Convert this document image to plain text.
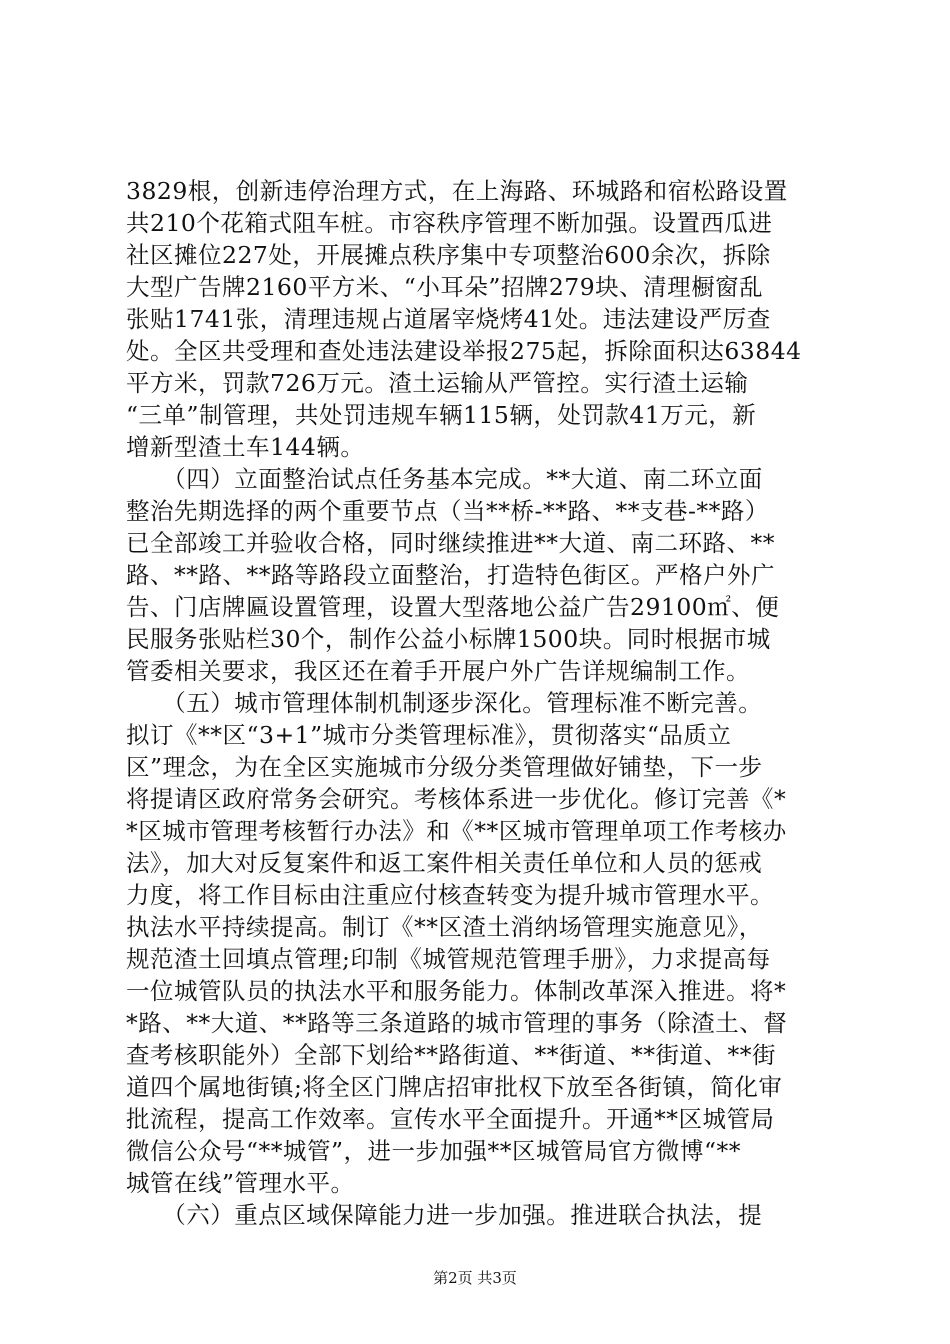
3829根，创新违停治理方式，在上海路、环城路和宿松路设置
共210个花箱式阻车桩。市容秩序管理不断加强。设置西瓜进
社区摊位227处，开展摊点秩序集中专项整治600余次，拆除
大型广告牌2160平方米、“小耳朵”招牌279块、清理橱窗乱
张贴1741张，清理违规占道屠宰烧烤41处。违法建设严厉查
处。全区共受理和查处违法建设举报275起，拆除面积达63844
平方米，罚款726万元。渣土运输从严管控。实行渣土运输
“三单”制管理，共处罚违规车辆115辆，处罚款41万元，新
增新型渣土车144辆。
　　（四）立面整治试点任务基本完成。**大道、南二环立面
整治先期选择的两个重要节点（当**桥-**路、**支巷-**路）
已全部竣工并验收合格，同时继续推进**大道、南二环路、**
路、**路、**路等路段立面整治，打造特色街区。严格户外广
告、门店牌匾设置管理，设置大型落地公益广告29100㎡、便
民服务张贴栏30个，制作公益小标牌1500块。同时根据市城
管委相关要求，我区还在着手开展户外广告详规编制工作。
　　（五）城市管理体制机制逐步深化。管理标准不断完善。
拟订《**区“3+1”城市分类管理标准》，贯彻落实“品质立
区”理念，为在全区实施城市分级分类管理做好铺垫，下一步
将提请区政府常务会研究。考核体系进一步优化。修订完善《*
*区城市管理考核暂行办法》和《**区城市管理单项工作考核办
法》，加大对反复案件和返工案件相关责任单位和人员的惩戒
力度，将工作目标由注重应付核查转变为提升城市管理水平。
执法水平持续提高。制订《**区渣土消纳场管理实施意见》，
规范渣土回填点管理;印制《城管规范管理手册》，力求提高每
一位城管队员的执法水平和服务能力。体制改革深入推进。将*
*路、**大道、**路等三条道路的城市管理的事务（除渣土、督
查考核职能外）全部下划给**路街道、**街道、**街道、**街
道四个属地街镇;将全区门牌店招审批权下放至各街镇，简化审
批流程，提高工作效率。宣传水平全面提升。开通**区城管局
微信公众号“**城管”，进一步加强**区城管局官方微博“**
城管在线”管理水平。
　　（六）重点区域保障能力进一步加强。推进联合执法，提
第2页 共3页
